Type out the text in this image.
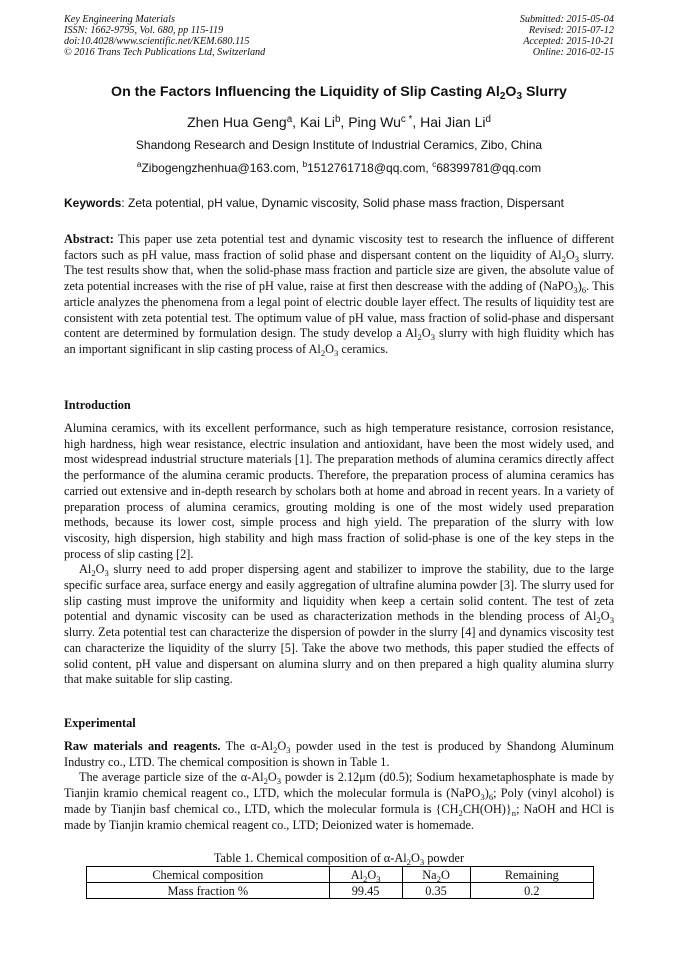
Key Engineering Materials
ISSN: 1662-9795, Vol. 680, pp 115-119
doi:10.4028/www.scientific.net/KEM.680.115
© 2016 Trans Tech Publications Ltd, Switzerland
Submitted: 2015-05-04
Revised: 2015-07-12
Accepted: 2015-10-21
Online: 2016-02-15
On the Factors Influencing the Liquidity of Slip Casting $Al_2O_3$ Slurry
Zhen Hua Geng$^a$, Kai Li$^b$, Ping $Wu^{c *}$, Hai Jian Li$^d$
Shandong Research and Design Institute of Industrial Ceramics, Zibo, China
$^a$Zibogengzhenhua@163.com, $^b$1512761718@qq.com, $^c$68399781@qq.com
Keywords: Zeta potential, pH value, Dynamic viscosity, Solid phase mass fraction, Dispersant

Abstract: This paper use zeta potential test and dynamic viscosity test to research the influence of different factors such as pH value, mass fraction of solid phase and dispersant content on the liquidity of $Al_2O_3$ slurry. The test results show that, when the solid-phase mass fraction and particle size are given, the absolute value of zeta potential increases with the rise of pH value, raise at first then descrease with the adding of $(NaPO_3)_6$. This article analyzes the phenomena from a legal point of electric double layer effect. The results of liquidity test are consistent with zeta potential test. The optimum value of pH value, mass fraction of solid-phase and dispersant content are determined by formulation design. The study develop a $Al_2O_3$ slurry with high fluidity which has an important significant in slip casting process of $Al_2O_3$ ceramics.

Introduction

Alumina ceramics, with its excellent performance, such as high temperature resistance, corrosion resistance, high hardness, high wear resistance, electric insulation and antioxidant, have been the most widely used, and most widespread industrial structure materials [1]. The preparation methods of alumina ceramics directly affect the performance of the alumina ceramic products. Therefore, the preparation process of alumina ceramics has carried out extensive and in-depth research by scholars both at home and abroad in recent years. In a variety of preparation process of alumina ceramics, grouting molding is one of the most widely used preparation methods, because its lower cost, simple process and high yield. The preparation of the slurry with low viscosity, high dispersion, high stability and high mass fraction of solid-phase is one of the key steps in the process of slip casting [2].

$Al_2O_3$ slurry need to add proper dispersing agent and stabilizer to improve the stability, due to the large specific surface area, surface energy and easily aggregation of ultrafine alumina powder [3]. The slurry used for slip casting must improve the uniformity and liquidity when keep a certain solid content. The test of zeta potential and dynamic viscosity can be used as characterization methods in the blending process of $Al_2O_3$ slurry. Zeta potential test can characterize the dispersion of powder in the slurry [4] and dynamics viscosity test can characterize the liquidity of the slurry [5]. Take the above two methods, this paper studied the effects of solid content, pH value and dispersant on alumina slurry and on then prepared a high quality alumina slurry that make suitable for slip casting.

Experimental

Raw materials and reagents. The $\alpha-Al_2O_3$ powder used in the test is produced by Shandong Aluminum Industry co., LTD. The chemical composition is shown in Table 1.

The average particle size of the $\alpha-Al_2O_3$ powder is 2.12μm (d0.5); Sodium hexametaphosphate is made by Tianjin kramio chemical reagent co., LTD, which the molecular formula is $(NaPO_3)_6$; Poly (vinyl alcohol) is made by Tianjin basf chemical co., LTD, which the molecular formula is $\{CH_2CH(OH)\}_n$; NaOH and HCl is made by Tianjin kramio chemical reagent co., LTD; Deionized water is homemade.

Table 1. Chemical composition of $\alpha-Al_2O_3$ powder
Chemical composition	$Al_2O_3$	$Na_2O$	Remaining
Mass fraction %	99.45	0.35	0.2
